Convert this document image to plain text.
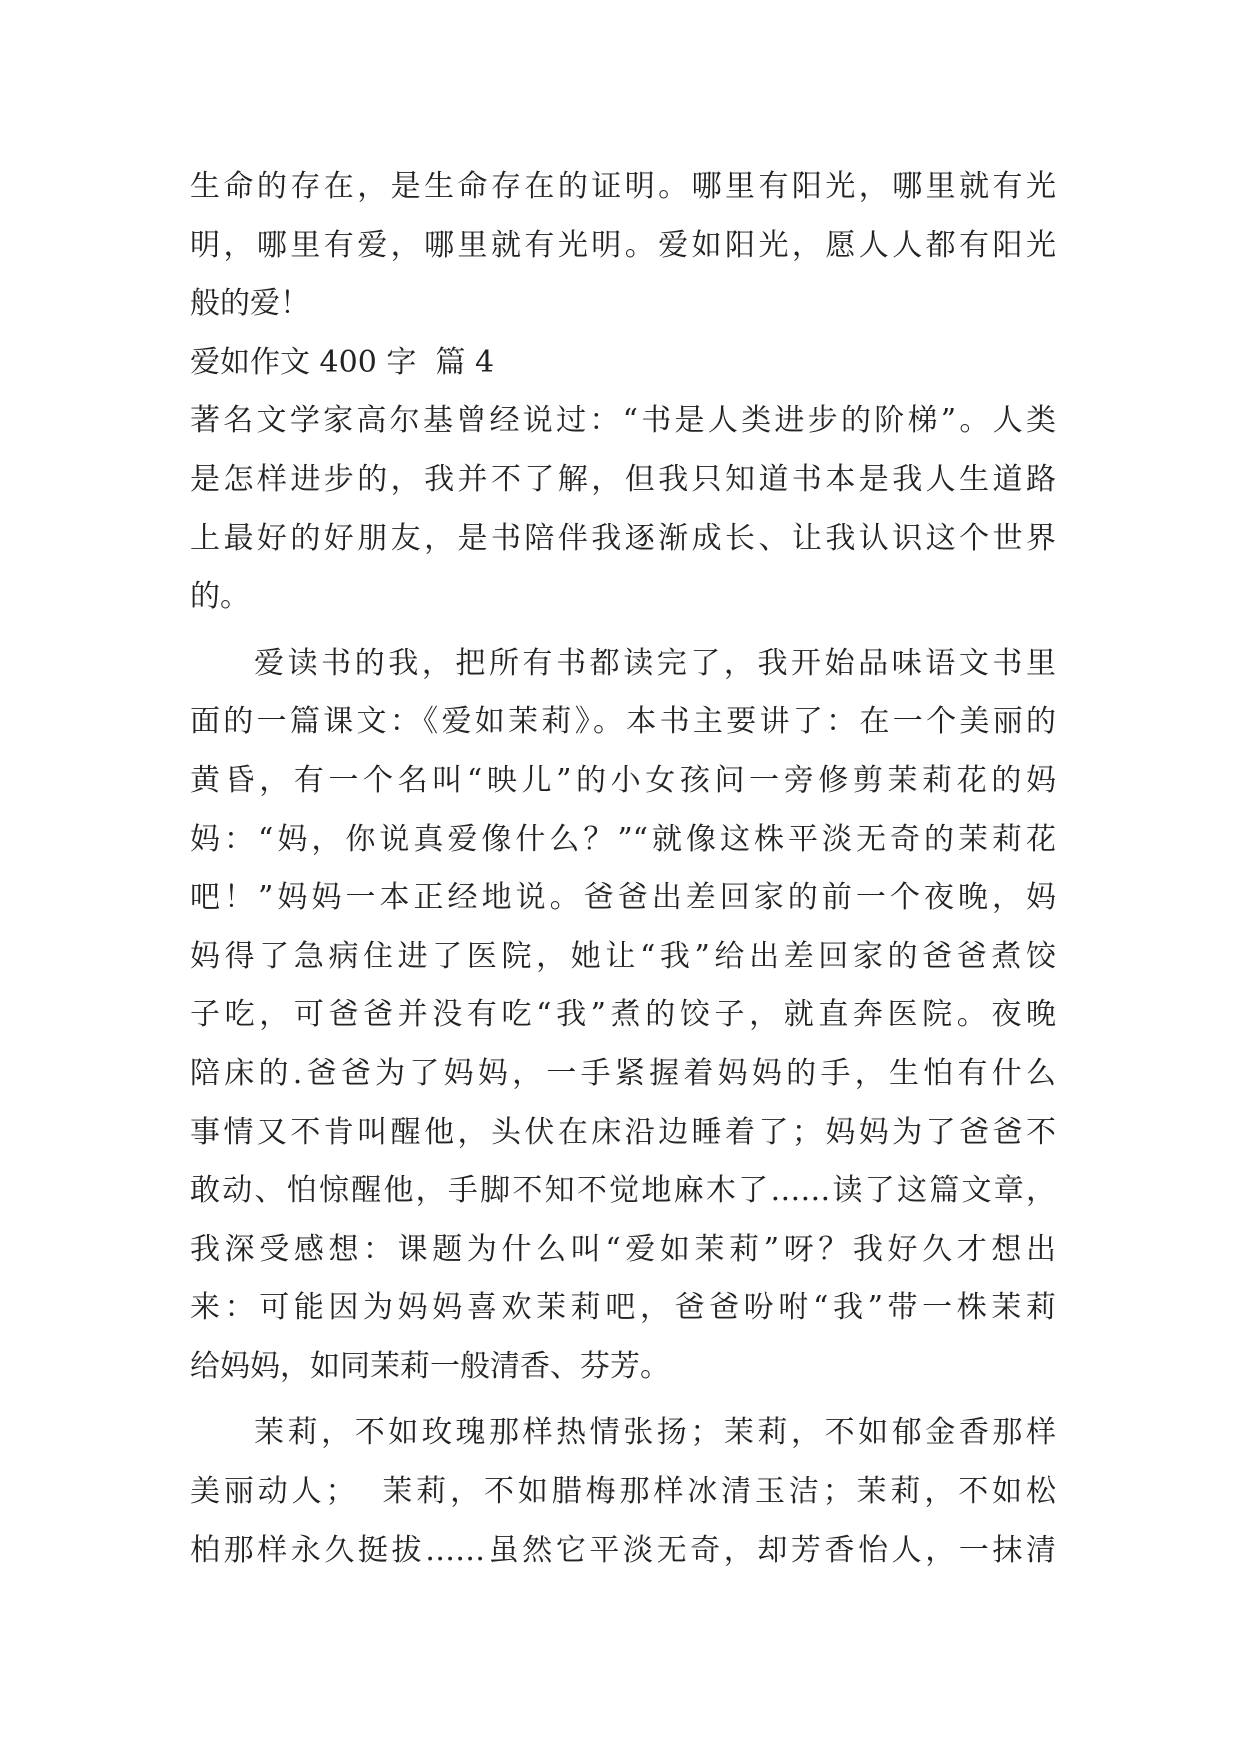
生命的存在，是生命存在的证明。哪里有阳光，哪里就有光
明，哪里有爱，哪里就有光明。爱如阳光，愿人人都有阳光
般的爱！
爱如作文 400 字  篇 4
著名文学家高尔基曾经说过：“书是人类进步的阶梯”。人类
是怎样进步的，我并不了解，但我只知道书本是我人生道路
上最好的好朋友，是书陪伴我逐渐成长、让我认识这个世界
的。
爱读书的我，把所有书都读完了，我开始品味语文书里
面的一篇课文：《爱如茉莉》。本书主要讲了：在一个美丽的
黄昏，有一个名叫“映儿”的小女孩问一旁修剪茉莉花的妈
妈：“妈，你说真爱像什么？”“就像这株平淡无奇的茉莉花
吧！”妈妈一本正经地说。爸爸出差回家的前一个夜晚，妈
妈得了急病住进了医院，她让“我”给出差回家的爸爸煮饺
子吃，可爸爸并没有吃“我”煮的饺子，就直奔医院。夜晚
陪床的.爸爸为了妈妈，一手紧握着妈妈的手，生怕有什么
事情又不肯叫醒他，头伏在床沿边睡着了；妈妈为了爸爸不
敢动、怕惊醒他，手脚不知不觉地麻木了……读了这篇文章，
我深受感想：课题为什么叫“爱如茉莉”呀？我好久才想出
来：可能因为妈妈喜欢茉莉吧，爸爸吩咐“我”带一株茉莉
给妈妈，如同茉莉一般清香、芬芳。
茉莉，不如玫瑰那样热情张扬；茉莉，不如郁金香那样
美丽动人；  茉莉，不如腊梅那样冰清玉洁；茉莉，不如松
柏那样永久挺拔……虽然它平淡无奇，却芳香怡人，一抹清
